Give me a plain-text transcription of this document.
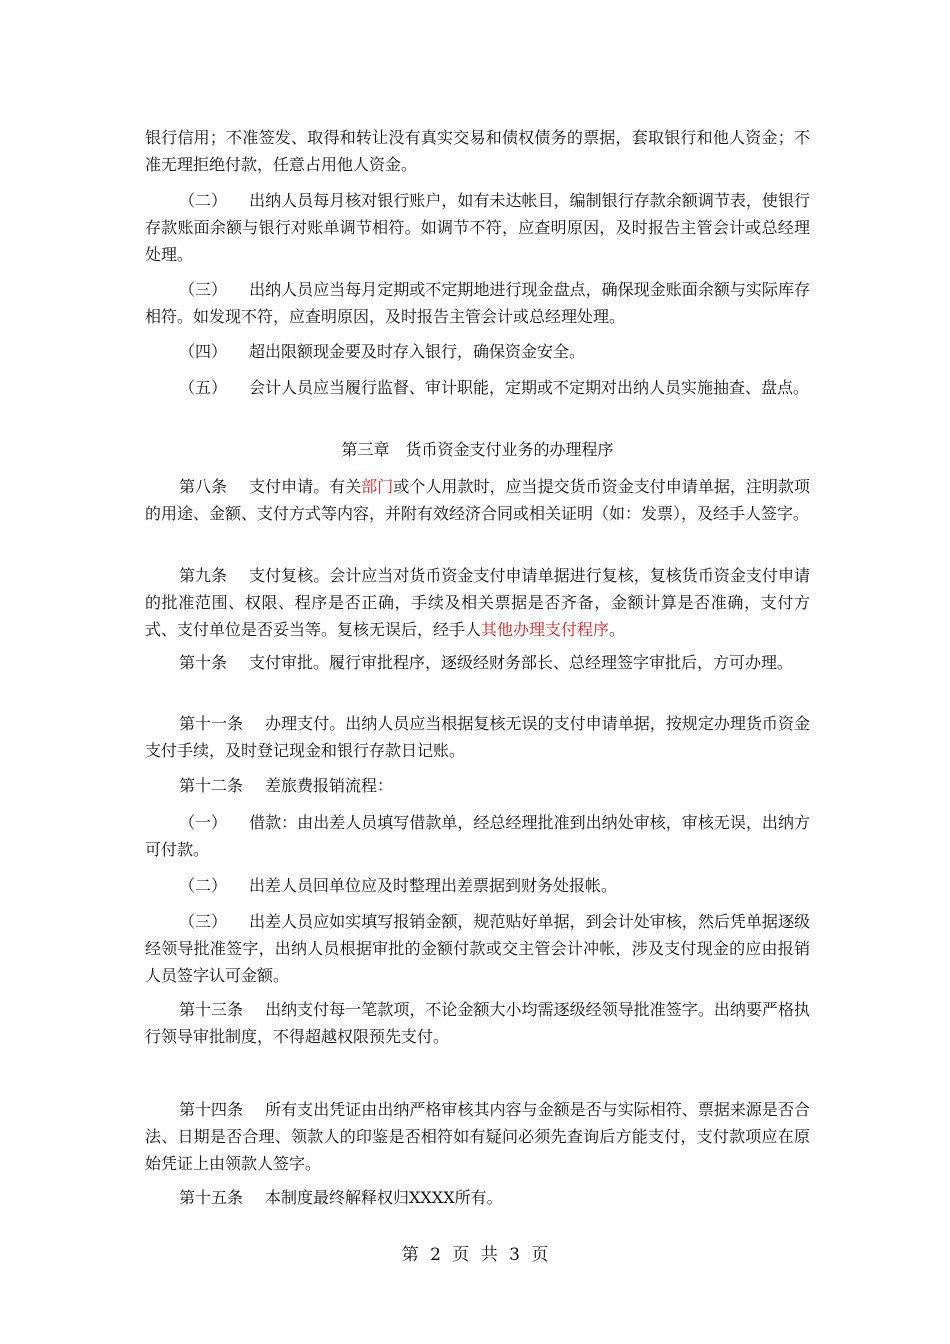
银行信用；不准签发、取得和转让没有真实交易和债权债务的票据，套取银行和他人资金；不准无理拒绝付款，任意占用他人资金。

（二） 出纳人员每月核对银行账户，如有未达帐目，编制银行存款余额调节表，使银行存款账面余额与银行对账单调节相符。如调节不符，应查明原因，及时报告主管会计或总经理处理。

（三） 出纳人员应当每月定期或不定期地进行现金盘点，确保现金账面余额与实际库存相符。如发现不符，应查明原因，及时报告主管会计或总经理处理。

（四） 超出限额现金要及时存入银行，确保资金安全。

（五） 会计人员应当履行监督、审计职能，定期或不定期对出纳人员实施抽查、盘点。

第三章　货币资金支付业务的办理程序

第八条 支付申请。有关部门或个人用款时，应当提交货币资金支付申请单据，注明款项的用途、金额、支付方式等内容，并附有效经济合同或相关证明（如：发票），及经手人签字。

第九条 支付复核。会计应当对货币资金支付申请单据进行复核，复核货币资金支付申请的批准范围、权限、程序是否正确，手续及相关票据是否齐备，金额计算是否准确，支付方式、支付单位是否妥当等。复核无误后，经手人其他办理支付程序。

第十条 支付审批。履行审批程序，逐级经财务部长、总经理签字审批后，方可办理。

第十一条 办理支付。出纳人员应当根据复核无误的支付申请单据，按规定办理货币资金支付手续，及时登记现金和银行存款日记账。

第十二条 差旅费报销流程：

（一） 借款：由出差人员填写借款单，经总经理批准到出纳处审核，审核无误，出纳方可付款。

（二） 出差人员回单位应及时整理出差票据到财务处报帐。

（三） 出差人员应如实填写报销金额，规范贴好单据，到会计处审核，然后凭单据逐级经领导批准签字，出纳人员根据审批的金额付款或交主管会计冲帐，涉及支付现金的应由报销人员签字认可金额。

第十三条 出纳支付每一笔款项，不论金额大小均需逐级经领导批准签字。出纳要严格执行领导审批制度，不得超越权限预先支付。

第十四条 所有支出凭证由出纳严格审核其内容与金额是否与实际相符、票据来源是否合法、日期是否合理、领款人的印鉴是否相符如有疑问必须先查询后方能支付，支付款项应在原始凭证上由领款人签字。

第十五条 本制度最终解释权归XXXX所有。

第 2 页 共 3 页
